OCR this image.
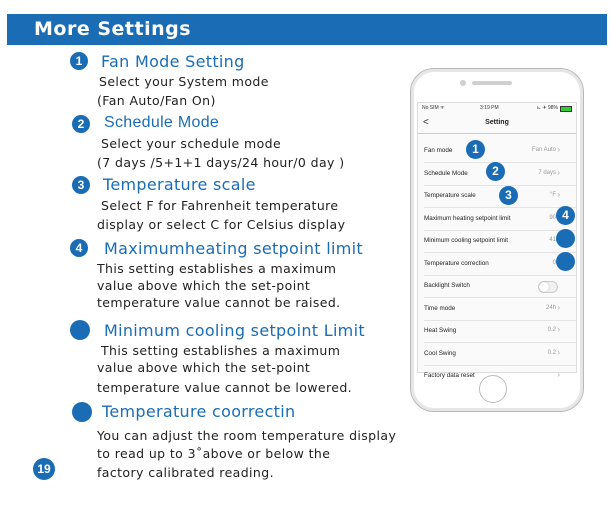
More Settings
1	Fan Mode Setting
Select your System mode
(Fan Auto/Fan On)
2	Schedule Mode
Select your schedule mode
(7 days /5+1+1 days/24 hour/0 day )
3	Temperature scale
Select F for Fahrenheit temperature
display or select C for Celsius display
4	Maximumheating setpoint limit
This setting establishes a maximum
value above which the set-point
temperature value cannot be raised.
Minimum cooling setpoint Limit
This setting establishes a maximum
value above which the set-point
temperature value cannot be lowered.
Temperature coorrectin
You can adjust the room temperature display
to read up to 3˚above or below the
factory calibrated reading.
19
No SIM ᯤ	3:19 PM	⊾ ✈ 98%
<	Setting
Fan mode	Fan Auto ›
Schedule Mode	7 days ›
Temperature scale	°F ›
Maximum heating setpoint limit	90
Minimum cooling setpoint limit	41
Temperature correction	0
Backlight Switch
Time mode	24h ›
Heat Swing	0.2 ›
Cool Swing	0.2 ›
Factory data reset	›
1
2
3
4
